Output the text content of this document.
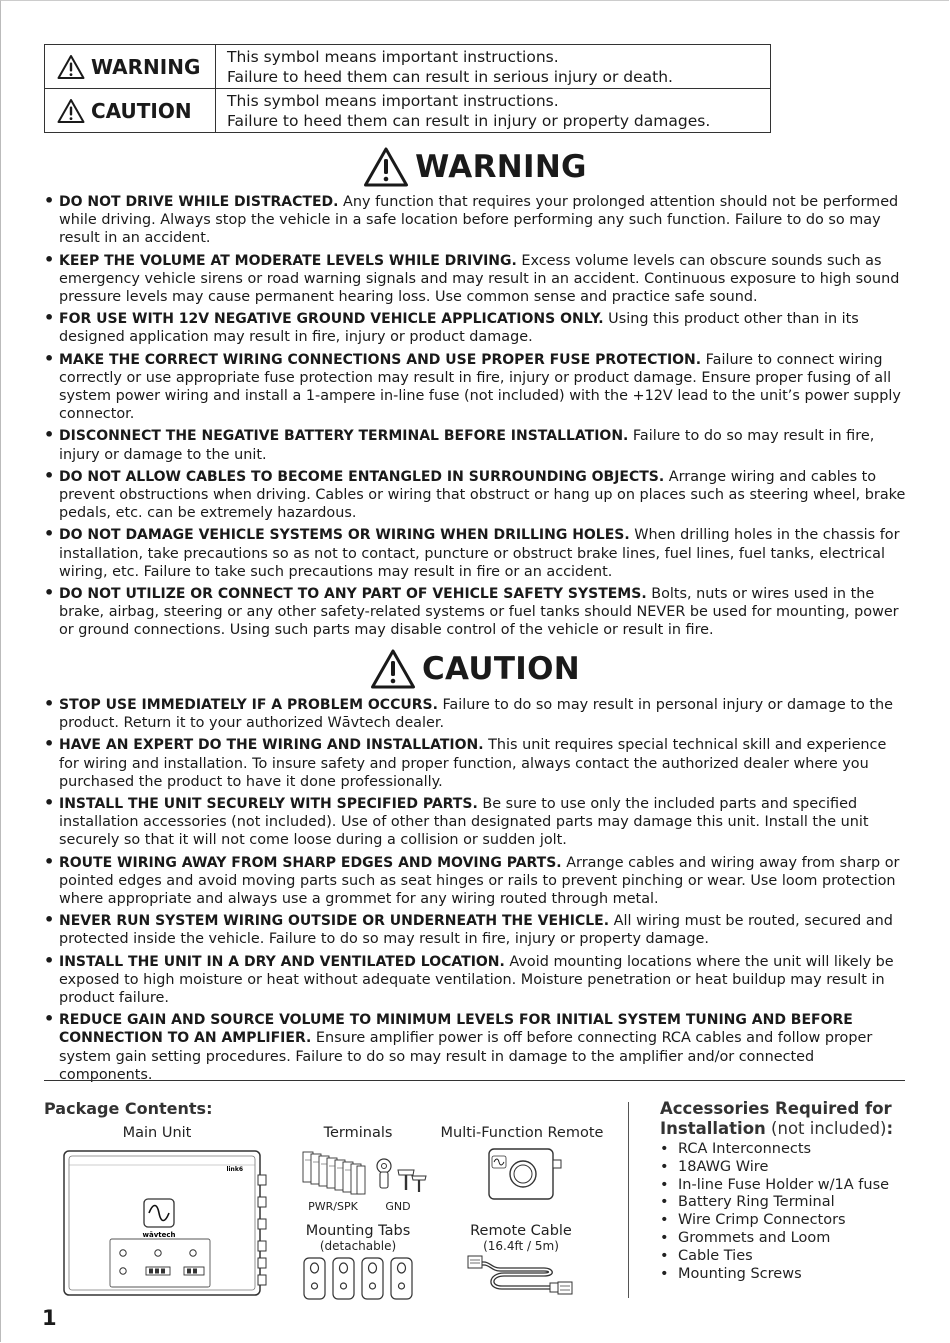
WARNING	This symbol means important instructions.
Failure to heed them can result in serious injury or death.

CAUTION	This symbol means important instructions.
Failure to heed them can result in injury or property damages.
WARNING
• DO NOT DRIVE WHILE DISTRACTED. Any function that requires your prolonged attention should not be performed while driving. Always stop the vehicle in a safe location before performing any such function. Failure to do so may result in an accident.
• KEEP THE VOLUME AT MODERATE LEVELS WHILE DRIVING. Excess volume levels can obscure sounds such as emergency vehicle sirens or road warning signals and may result in an accident. Continuous exposure to high sound pressure levels may cause permanent hearing loss. Use common sense and practice safe sound.
• FOR USE WITH 12V NEGATIVE GROUND VEHICLE APPLICATIONS ONLY. Using this product other than in its designed application may result in fire, injury or product damage.
• MAKE THE CORRECT WIRING CONNECTIONS AND USE PROPER FUSE PROTECTION. Failure to connect wiring correctly or use appropriate fuse protection may result in fire, injury or product damage. Ensure proper fusing of all system power wiring and install a 1-ampere in-line fuse (not included) with the +12V lead to the unit’s power supply connector.
• DISCONNECT THE NEGATIVE BATTERY TERMINAL BEFORE INSTALLATION. Failure to do so may result in fire, injury or damage to the unit.
• DO NOT ALLOW CABLES TO BECOME ENTANGLED IN SURROUNDING OBJECTS. Arrange wiring and cables to prevent obstructions when driving. Cables or wiring that obstruct or hang up on places such as steering wheel, brake pedals, etc. can be extremely hazardous.
• DO NOT DAMAGE VEHICLE SYSTEMS OR WIRING WHEN DRILLING HOLES. When drilling holes in the chassis for installation, take precautions so as not to contact, puncture or obstruct brake lines, fuel lines, fuel tanks, electrical wiring, etc. Failure to take such precautions may result in fire or an accident.
• DO NOT UTILIZE OR CONNECT TO ANY PART OF VEHICLE SAFETY SYSTEMS. Bolts, nuts or wires used in the brake, airbag, steering or any other safety-related systems or fuel tanks should NEVER be used for mounting, power or ground connections. Using such parts may disable control of the vehicle or result in fire.
CAUTION
• STOP USE IMMEDIATELY IF A PROBLEM OCCURS. Failure to do so may result in personal injury or damage to the product. Return it to your authorized Wāvtech dealer.
• HAVE AN EXPERT DO THE WIRING AND INSTALLATION. This unit requires special technical skill and experience for wiring and installation. To insure safety and proper function, always contact the authorized dealer where you purchased the product to have it done professionally.
• INSTALL THE UNIT SECURELY WITH SPECIFIED PARTS. Be sure to use only the included parts and specified installation accessories (not included). Use of other than designated parts may damage this unit. Install the unit securely so that it will not come loose during a collision or sudden jolt.
• ROUTE WIRING AWAY FROM SHARP EDGES AND MOVING PARTS. Arrange cables and wiring away from sharp or pointed edges and avoid moving parts such as seat hinges or rails to prevent pinching or wear. Use loom protection where appropriate and always use a grommet for any wiring routed through metal.
• NEVER RUN SYSTEM WIRING OUTSIDE OR UNDERNEATH THE VEHICLE. All wiring must be routed, secured and protected inside the vehicle. Failure to do so may result in fire, injury or property damage.
• INSTALL THE UNIT IN A DRY AND VENTILATED LOCATION. Avoid mounting locations where the unit will likely be exposed to high moisture or heat without adequate ventilation. Moisture penetration or heat buildup may result in product failure.
• REDUCE GAIN AND SOURCE VOLUME TO MINIMUM LEVELS FOR INITIAL SYSTEM TUNING AND BEFORE CONNECTION TO AN AMPLIFIER. Ensure amplifier power is off before connecting RCA cables and follow proper system gain setting procedures. Failure to do so may result in damage to the amplifier and/or connected components.
Package Contents:
Main Unit
link6
wāvtech
Terminals
PWR/SPK	GND
Multi-Function Remote
Mounting Tabs
(detachable)
Remote Cable
(16.4ft / 5m)
Accessories Required for Installation (not included):
• RCA Interconnects
• 18AWG Wire
• In-line Fuse Holder w/1A fuse
• Battery Ring Terminal
• Wire Crimp Connectors
• Grommets and Loom
• Cable Ties
• Mounting Screws
1
